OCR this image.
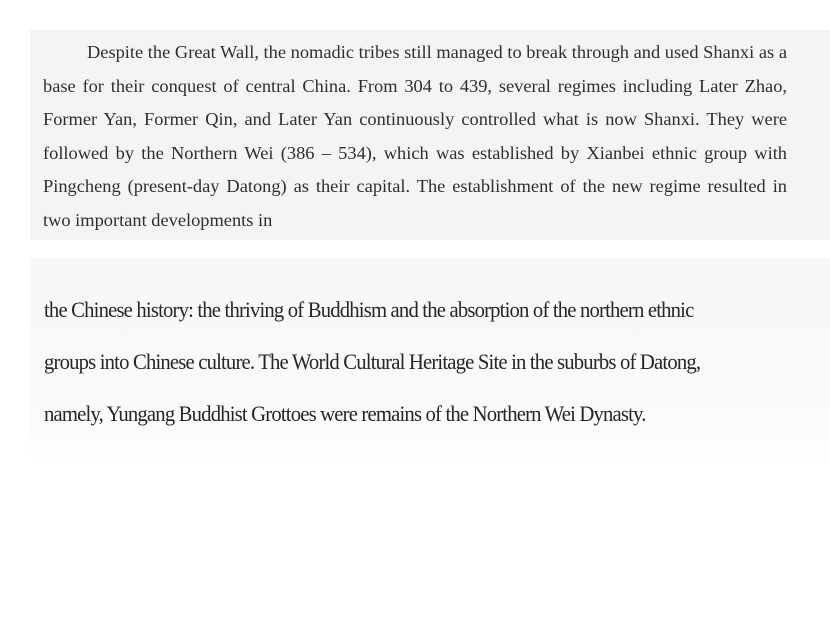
Despite the Great Wall, the nomadic tribes still managed to break through and used Shanxi as a base for their conquest of central China. From 304 to 439, several regimes including Later Zhao, Former Yan, Former Qin, and Later Yan continuously controlled what is now Shanxi. They were followed by the Northern Wei (386 – 534), which was established by Xianbei ethnic group with Pingcheng (present-day Datong) as their capital. The establishment of the new regime resulted in two important developments in

the Chinese history: the thriving of Buddhism and the absorption of the northern ethnic
groups into Chinese culture. The World Cultural Heritage Site in the suburbs of Datong,
namely, Yungang Buddhist Grottoes were remains of the Northern Wei Dynasty.
